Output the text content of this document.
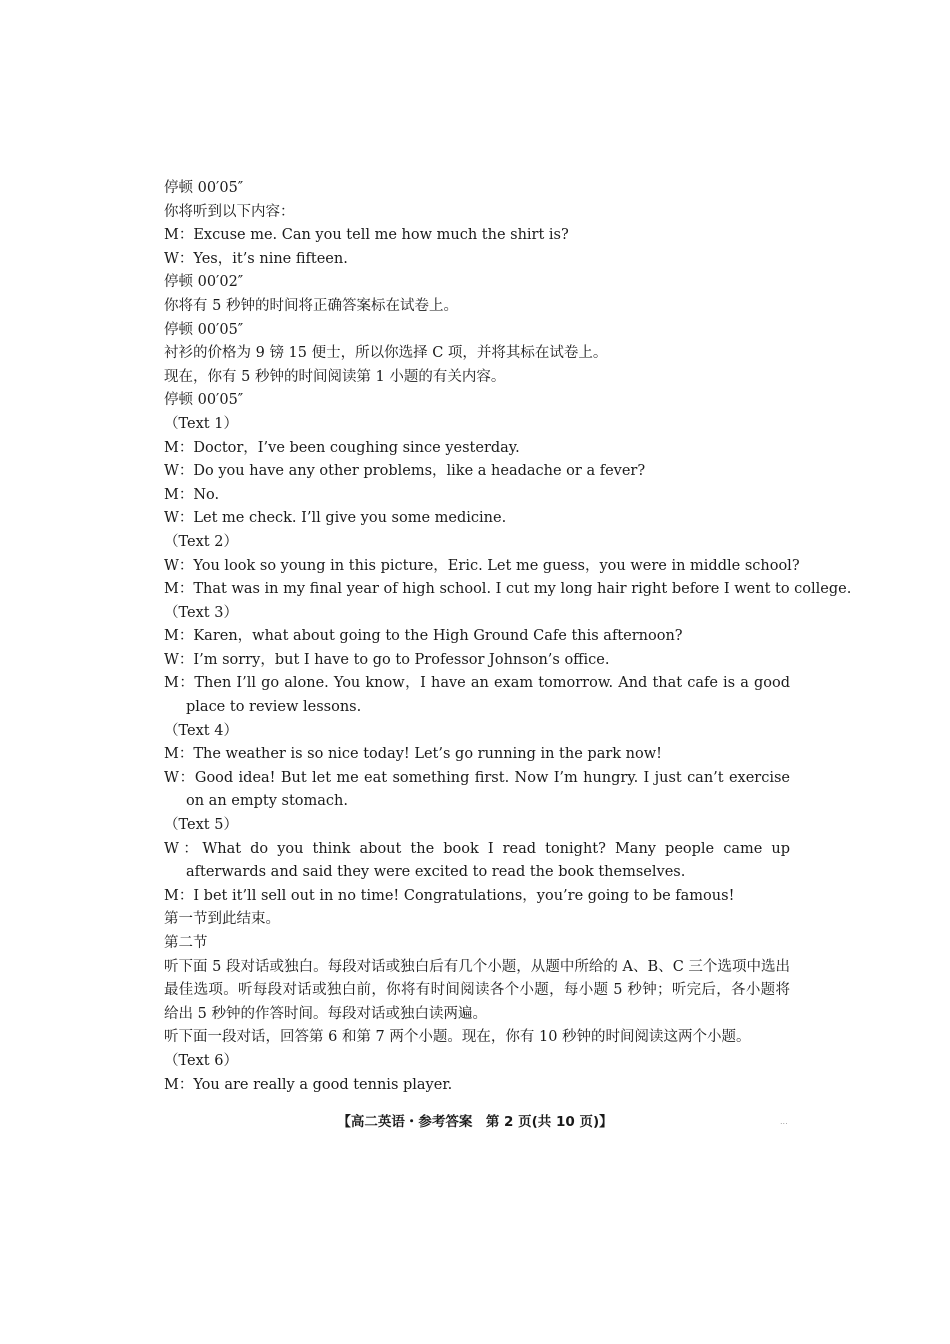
停顿 00′05″

你将听到以下内容：

M：Excuse me. Can you tell me how much the shirt is?

W：Yes，it’s nine fifteen.

停顿 00′02″

你将有 5 秒钟的时间将正确答案标在试卷上。

停顿 00′05″

衬衫的价格为 9 镑 15 便士，所以你选择 C 项，并将其标在试卷上。

现在，你有 5 秒钟的时间阅读第 1 小题的有关内容。

停顿 00′05″

（Text 1）

M：Doctor，I’ve been coughing since yesterday.

W：Do you have any other problems，like a headache or a fever?

M：No.

W：Let me check. I’ll give you some medicine.

（Text 2）

W：You look so young in this picture，Eric. Let me guess，you were in middle school?

M：That was in my final year of high school. I cut my long hair right before I went to college.

（Text 3）

M：Karen，what about going to the High Ground Cafe this afternoon?

W：I’m sorry，but I have to go to Professor Johnson’s office.

M：Then I’ll go alone. You know，I have an exam tomorrow. And that cafe is a good place to review lessons.

（Text 4）

M：The weather is so nice today! Let’s go running in the park now!

W：Good idea! But let me eat something first. Now I’m hungry. I just can’t exercise on an empty stomach.

（Text 5）

W：What do you think about the book I read tonight? Many people came up afterwards and said they were excited to read the book themselves.

M：I bet it’ll sell out in no time! Congratulations，you’re going to be famous!

第一节到此结束。

第二节

听下面 5 段对话或独白。每段对话或独白后有几个小题，从题中所给的 A、B、C 三个选项中选出最佳选项。听每段对话或独白前，你将有时间阅读各个小题，每小题 5 秒钟；听完后，各小题将给出 5 秒钟的作答时间。每段对话或独白读两遍。

听下面一段对话，回答第 6 和第 7 两个小题。现在，你有 10 秒钟的时间阅读这两个小题。

（Text 6）

M：You are really a good tennis player.

【高二英语・参考答案　第 2 页(共 10 页)】	...
